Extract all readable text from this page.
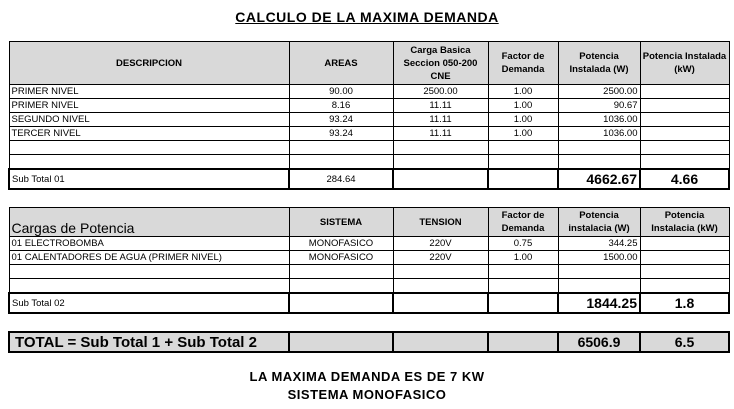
CALCULO DE LA MAXIMA DEMANDA
DESCRIPCION	AREAS	Carga Basica Seccion 050-200 CNE	Factor de Demanda	Potencia Instalada (W)	Potencia Instalada (kW)
PRIMER NIVEL	90.00	2500.00	1.00	2500.00	
PRIMER NIVEL	8.16	11.11	1.00	90.67	
SEGUNDO NIVEL	93.24	11.11	1.00	1036.00	
TERCER NIVEL	93.24	11.11	1.00	1036.00	

Sub Total 01	284.64			4662.67	4.66
Cargas de Potencia	SISTEMA	TENSION	Factor de Demanda	Potencia instalacia (W)	Potencia Instalacia (kW)
01 ELECTROBOMBA	MONOFASICO	220V	0.75	344.25	
01 CALENTADORES DE AGUA (PRIMER NIVEL)	MONOFASICO	220V	1.00	1500.00	

Sub Total 02				1844.25	1.8
TOTAL = Sub Total 1 + Sub Total 2				6506.9	6.5
LA MAXIMA DEMANDA ES DE 7 KW
SISTEMA MONOFASICO
